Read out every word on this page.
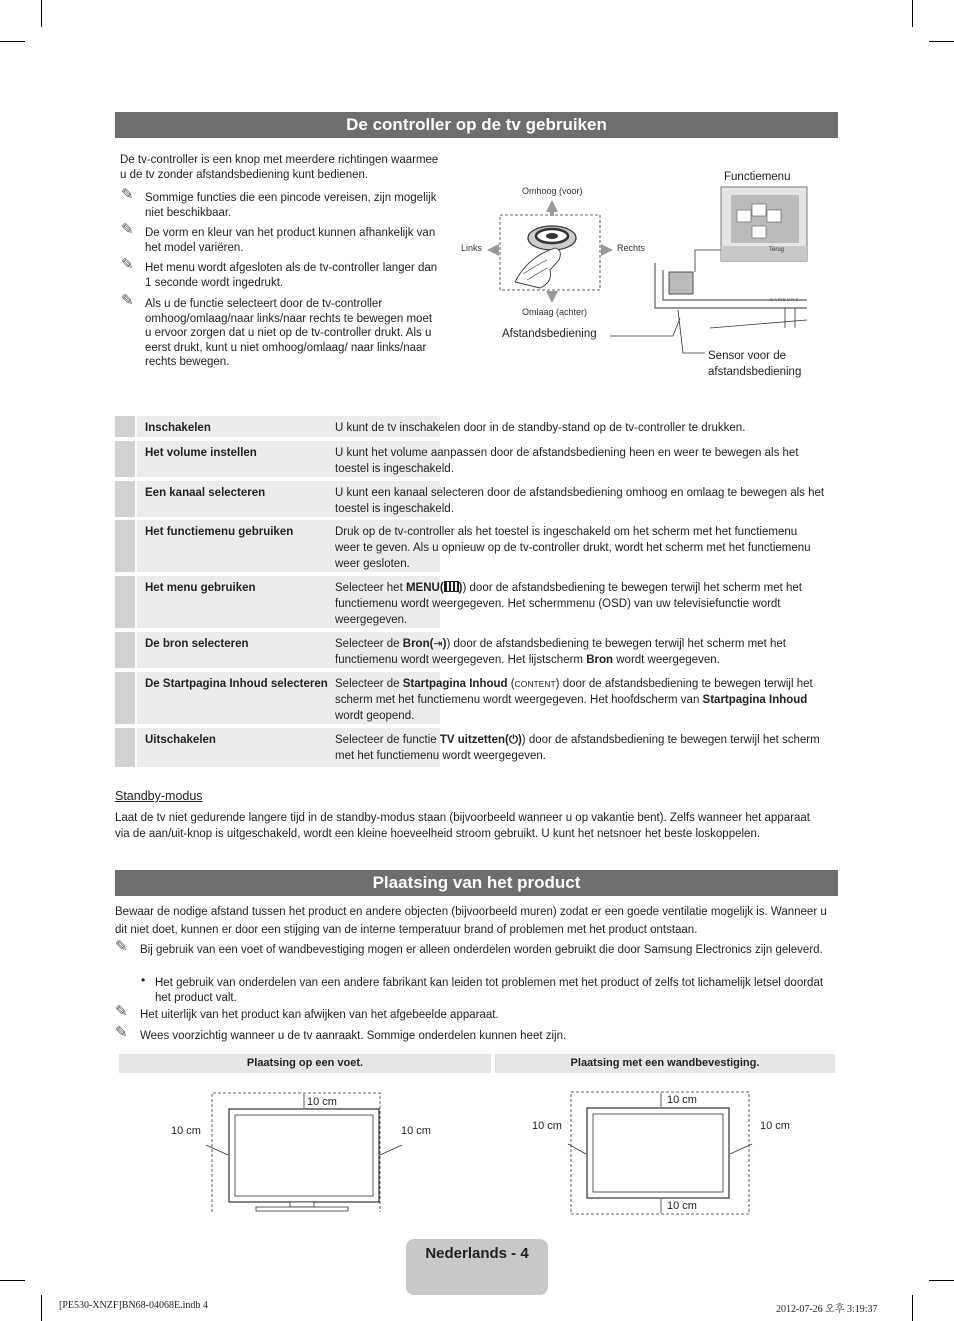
De controller op de tv gebruiken
De tv-controller is een knop met meerdere richtingen waarmee u de tv zonder afstandsbediening kunt bedienen.
✎ Sommige functies die een pincode vereisen, zijn mogelijk niet beschikbaar.
✎ De vorm en kleur van het product kunnen afhankelijk van het model variëren.
✎ Het menu wordt afgesloten als de tv-controller langer dan 1 seconde wordt ingedrukt.
✎ Als u de functie selecteert door de tv-controller omhoog/omlaag/naar links/naar rechts te bewegen moet u ervoor zorgen dat u niet op de tv-controller drukt. Als u eerst drukt, kunt u niet omhoog/omlaag/ naar links/naar rechts bewegen.
Omhoog (voor)
Omlaag (achter)
Links	Rechts
Afstandsbediening
Functiemenu
Terug
SAMSUNG
Sensor voor de
afstandsbediening
Inschakelen	U kunt de tv inschakelen door in de standby-stand op de tv-controller te drukken.
Het volume instellen	U kunt het volume aanpassen door de afstandsbediening heen en weer te bewegen als het toestel is ingeschakeld.
Een kanaal selecteren	U kunt een kanaal selecteren door de afstandsbediening omhoog en omlaag te bewegen als het toestel is ingeschakeld.
Het functiemenu gebruiken	Druk op de tv-controller als het toestel is ingeschakeld om het scherm met het functiemenu weer te geven. Als u opnieuw op de tv-controller drukt, wordt het scherm met het functiemenu weer gesloten.
Het menu gebruiken	Selecteer het MENU( )) door de afstandsbediening te bewegen terwijl het scherm met het functiemenu wordt weergegeven. Het schermmenu (OSD) van uw televisiefunctie wordt weergegeven.
De bron selecteren	Selecteer de Bron(⇥)) door de afstandsbediening te bewegen terwijl het scherm met het functiemenu wordt weergegeven. Het lijstscherm Bron wordt weergegeven.
De Startpagina Inhoud selecteren Selecteer de Startpagina Inhoud (CONTENT) door de afstandsbediening te bewegen terwijl het scherm met het functiemenu wordt weergegeven. Het hoofdscherm van Startpagina Inhoud wordt geopend.
Uitschakelen	Selecteer de functie TV uitzetten(⏻)) door de afstandsbediening te bewegen terwijl het scherm met het functiemenu wordt weergegeven.
Standby-modus
Laat de tv niet gedurende langere tijd in de standby-modus staan (bijvoorbeeld wanneer u op vakantie bent). Zelfs wanneer het apparaat via de aan/uit-knop is uitgeschakeld, wordt een kleine hoeveelheid stroom gebruikt. U kunt het netsnoer het beste loskoppelen.
Plaatsing van het product
Bewaar de nodige afstand tussen het product en andere objecten (bijvoorbeeld muren) zodat er een goede ventilatie mogelijk is. Wanneer u dit niet doet, kunnen er door een stijging van de interne temperatuur brand of problemen met het product ontstaan.
✎ Bij gebruik van een voet of wandbevestiging mogen er alleen onderdelen worden gebruikt die door Samsung Electronics zijn geleverd.
• Het gebruik van onderdelen van een andere fabrikant kan leiden tot problemen met het product of zelfs tot lichamelijk letsel doordat het product valt.
✎ Het uiterlijk van het product kan afwijken van het afgebeelde apparaat.
✎ Wees voorzichtig wanneer u de tv aanraakt. Sommige onderdelen kunnen heet zijn.
Plaatsing op een voet.	Plaatsing met een wandbevestiging.
10 cm
10 cm	10 cm
10 cm
10 cm	10 cm
10 cm
Nederlands - 4
[PE530-XNZF]BN68-04068E.indb 4	2012-07-26 오후 3:19:37
